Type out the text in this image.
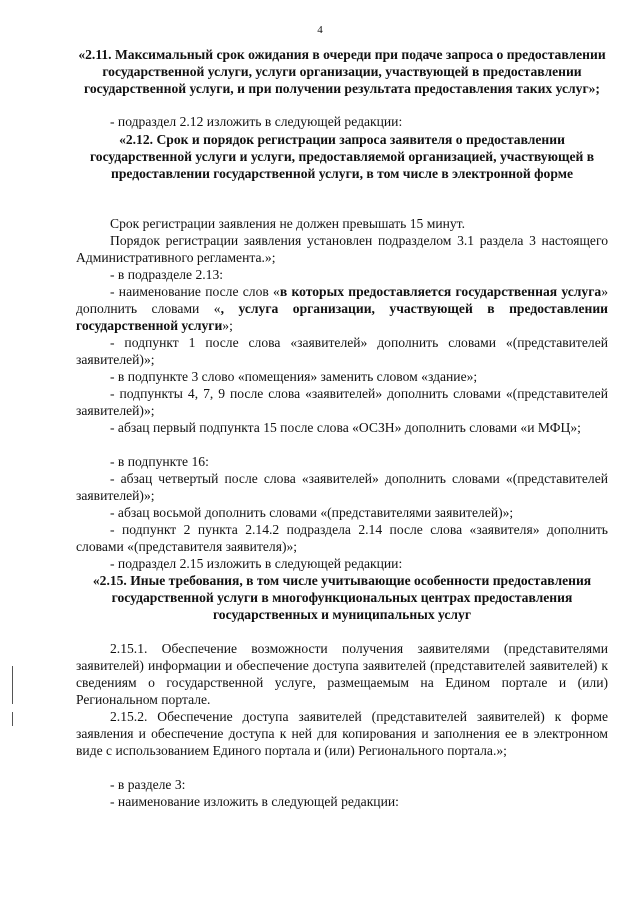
4
«2.11. Максимальный срок ожидания в очереди при подаче запроса о предоставлении государственной услуги, услуги организации, участвующей в предоставлении государственной услуги, и при получении результата предоставления таких услуг»;
- подраздел 2.12 изложить в следующей редакции:
«2.12. Срок и порядок регистрации запроса заявителя о предоставлении государственной услуги и услуги, предоставляемой организацией, участвующей в предоставлении государственной услуги, в том числе в электронной форме
Срок регистрации заявления не должен превышать 15 минут.
Порядок регистрации заявления установлен подразделом 3.1 раздела 3 настоящего Административного регламента.»;
- в подразделе 2.13:
- наименование после слов «в которых предоставляется государственная услуга» дополнить словами «, услуга организации, участвующей в предоставлении государственной услуги»;
- подпункт 1 после слова «заявителей» дополнить словами «(представителей заявителей)»;
- в подпункте 3 слово «помещения» заменить словом «здание»;
- подпункты 4, 7, 9 после слова «заявителей» дополнить словами «(представителей заявителей)»;
- абзац первый подпункта 15 после слова «ОСЗН» дополнить словами «и МФЦ»;
- в подпункте 16:
- абзац четвертый после слова «заявителей» дополнить словами «(представителей заявителей)»;
- абзац восьмой дополнить словами «(представителями заявителей)»;
- подпункт 2 пункта 2.14.2 подраздела 2.14 после слова «заявителя» дополнить словами «(представителя заявителя)»;
- подраздел 2.15 изложить в следующей редакции:
«2.15. Иные требования, в том числе учитывающие особенности предоставления государственной услуги в многофункциональных центрах предоставления государственных и муниципальных услуг
2.15.1. Обеспечение возможности получения заявителями (представителями заявителей) информации и обеспечение доступа заявителей (представителей заявителей) к сведениям о государственной услуге, размещаемым на Едином портале и (или) Региональном портале.
2.15.2. Обеспечение доступа заявителей (представителей заявителей) к форме заявления и обеспечение доступа к ней для копирования и заполнения ее в электронном виде с использованием Единого портала и (или) Регионального портала.»;
- в разделе 3:
- наименование изложить в следующей редакции:
